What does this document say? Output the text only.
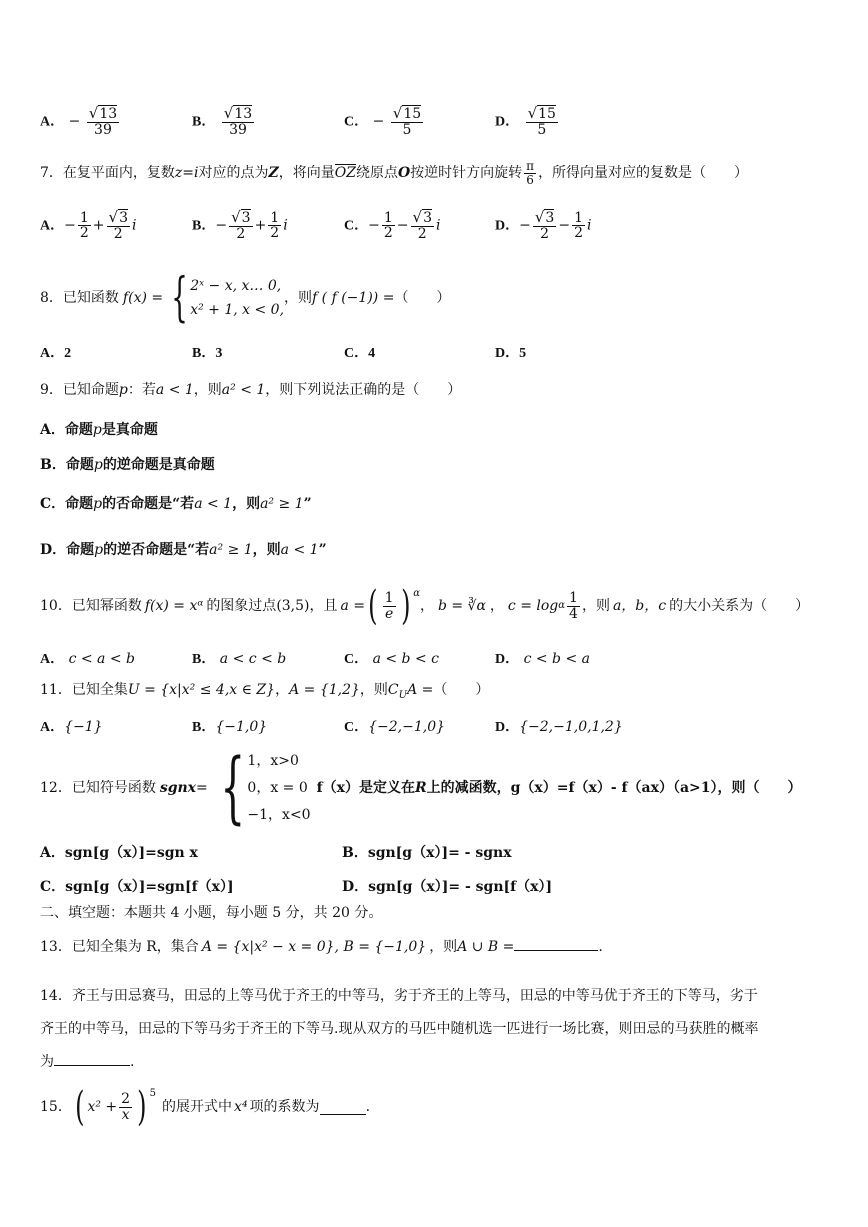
A． − $\frac{√13}{39}$	B． $\frac{√13}{39}$	C． − $\frac{√15}{5}$	D． $\frac{√15}{5}$
7．在复平面内，复数z=i对应的点为Z，将向量OZ绕原点O按逆时针方向旋转 $\frac{\pi}{6}$ ，所得向量对应的复数是（　　）
A．− $\frac{1}{2} + \frac{√3}{2}$ i	B．− $\frac{√3}{2} + \frac{1}{2}$ i	C．− $\frac{1}{2} - \frac{√3}{2}$ i	D．− $\frac{√3}{2} - \frac{1}{2}$ i
8．已知函数 f(x) = { 2ˣ − x, x… 0,
x² + 1, x < 0,
，则 f ( f (−1)) = （　　）
A．2	B．3	C．4	D．5
9．已知命题p：若a < 1，则a² < 1，则下列说法正确的是（　　）
A．命题p是真命题
B．命题p的逆命题是真命题
C．命题p的否命题是“若a < 1，则a² ≥ 1”
D．命题p的逆否命题是“若a² ≥ 1，则a < 1”
10．已知幂函数 f(x) = xᵅ 的图象过点 (3,5) ，且 a = ( $\frac{1}{e}$ ) α
， b = ∛α ， c = log α $\frac{1}{4}$ ，则 a，b，c 的大小关系为（　　）
A． c < a < b	B． a < c < b	C． a < b < c	D． c < b < a
11．已知全集U = {x|x² ≤ 4,x ∈ Z}，A = {1,2}，则$C_UA$ =（　　）
A．{−1}	B．{−1,0}	C．{−2,−1,0}	D．{−2,−1,0,1,2}
12．已知符号函数 sgnx = { 1，x>0
0，x = 0
−1，x<0
f（x）是定义在 R 上的减函数，g（x）=f（x）- f（ax）（a>1），则（　　）
A．sgn[g（x）]=sgn x	B．sgn[g（x）]= - sgnx
C．sgn[g（x）]=sgn[f（x）]	D．sgn[g（x）]= - sgn[f（x）]
二、填空题：本题共 4 小题，每小题 5 分，共 20 分。
13．已知全集为 R，集合 A = {x|x² − x = 0}, B = {−1,0} ，则A ∪ B =	.
14．齐王与田忌赛马，田忌的上等马优于齐王的中等马，劣于齐王的上等马，田忌的中等马优于齐王的下等马，劣于
齐王的中等马，田忌的下等马劣于齐王的下等马.现从双方的马匹中随机选一匹进行一场比赛，则田忌的马获胜的概率
为	.
15． ( $x^2 + \frac{2}{x}$ ) 5
的展开式中 x⁴ 项的系数为	.
